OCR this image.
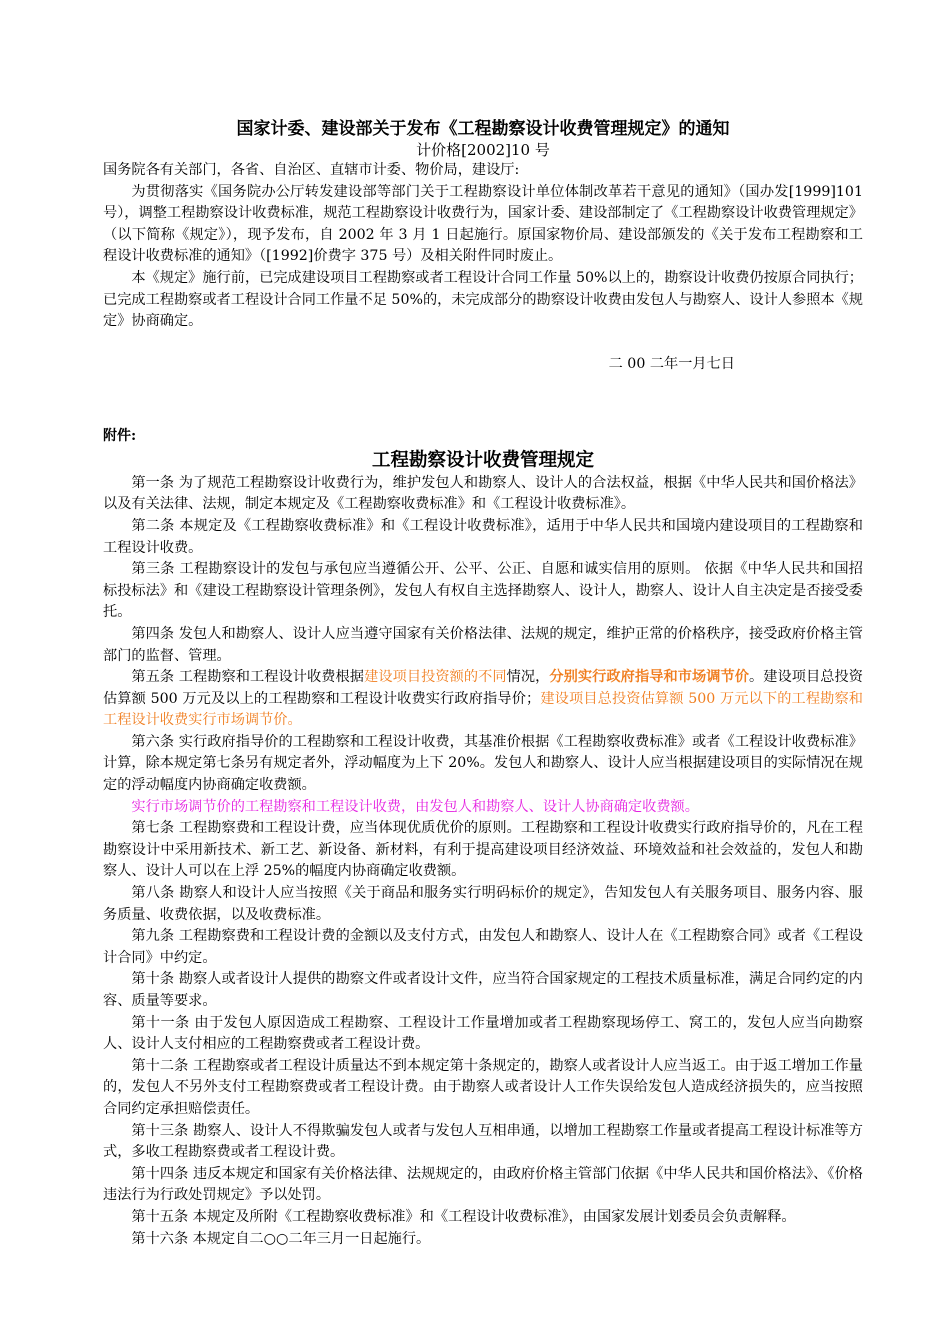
国家计委、建设部关于发布《工程勘察设计收费管理规定》的通知
计价格[2002]10 号

国务院各有关部门，各省、自治区、直辖市计委、物价局，建设厅:

为贯彻落实《国务院办公厅转发建设部等部门关于工程勘察设计单位体制改革若干意见的通知》（国办发[1999]101 号），调整工程勘察设计收费标准，规范工程勘察设计收费行为，国家计委、建设部制定了《工程勘察设计收费管理规定》（以下简称《规定》），现予发布，自 2002 年 3 月 1 日起施行。原国家物价局、建设部颁发的《关于发布工程勘察和工程设计收费标准的通知》（[1992]价费字 375 号）及相关附件同时废止。

本《规定》施行前，已完成建设项目工程勘察或者工程设计合同工作量 50%以上的，勘察设计收费仍按原合同执行；已完成工程勘察或者工程设计合同工作量不足 50%的，未完成部分的勘察设计收费由发包人与勘察人、设计人参照本《规定》协商确定。

二 00 二年一月七日
附件:
工程勘察设计收费管理规定

第一条 为了规范工程勘察设计收费行为，维护发包人和勘察人、设计人的合法权益，根据《中华人民共和国价格法》以及有关法律、法规，制定本规定及《工程勘察收费标准》和《工程设计收费标准》。

第二条 本规定及《工程勘察收费标准》和《工程设计收费标准》，适用于中华人民共和国境内建设项目的工程勘察和工程设计收费。

第三条 工程勘察设计的发包与承包应当遵循公开、公平、公正、自愿和诚实信用的原则。 依据《中华人民共和国招标投标法》和《建设工程勘察设计管理条例》，发包人有权自主选择勘察人、设计人，勘察人、设计人自主决定是否接受委托。

第四条 发包人和勘察人、设计人应当遵守国家有关价格法律、法规的规定，维护正常的价格秩序，接受政府价格主管部门的监督、管理。

第五条 工程勘察和工程设计收费根据建设项目投资额的不同情况，分别实行政府指导和市场调节价。建设项目总投资估算额 500 万元及以上的工程勘察和工程设计收费实行政府指导价；建设项目总投资估算额 500 万元以下的工程勘察和工程设计收费实行市场调节价。

第六条 实行政府指导价的工程勘察和工程设计收费，其基准价根据《工程勘察收费标准》或者《工程设计收费标准》计算，除本规定第七条另有规定者外，浮动幅度为上下 20%。发包人和勘察人、设计人应当根据建设项目的实际情况在规定的浮动幅度内协商确定收费额。

实行市场调节价的工程勘察和工程设计收费，由发包人和勘察人、设计人协商确定收费额。

第七条 工程勘察费和工程设计费，应当体现优质优价的原则。工程勘察和工程设计收费实行政府指导价的，凡在工程勘察设计中采用新技术、新工艺、新设备、新材料，有利于提高建设项目经济效益、环境效益和社会效益的，发包人和勘察人、设计人可以在上浮 25%的幅度内协商确定收费额。

第八条 勘察人和设计人应当按照《关于商品和服务实行明码标价的规定》，告知发包人有关服务项目、服务内容、服务质量、收费依据，以及收费标准。

第九条 工程勘察费和工程设计费的金额以及支付方式，由发包人和勘察人、设计人在《工程勘察合同》或者《工程设计合同》中约定。

第十条 勘察人或者设计人提供的勘察文件或者设计文件，应当符合国家规定的工程技术质量标准，满足合同约定的内容、质量等要求。

第十一条 由于发包人原因造成工程勘察、工程设计工作量增加或者工程勘察现场停工、窝工的，发包人应当向勘察人、设计人支付相应的工程勘察费或者工程设计费。

第十二条 工程勘察或者工程设计质量达不到本规定第十条规定的，勘察人或者设计人应当返工。由于返工增加工作量的，发包人不另外支付工程勘察费或者工程设计费。由于勘察人或者设计人工作失误给发包人造成经济损失的，应当按照合同约定承担赔偿责任。

第十三条 勘察人、设计人不得欺骗发包人或者与发包人互相串通，以增加工程勘察工作量或者提高工程设计标准等方式，多收工程勘察费或者工程设计费。

第十四条 违反本规定和国家有关价格法律、法规规定的，由政府价格主管部门依据《中华人民共和国价格法》、《价格违法行为行政处罚规定》予以处罚。

第十五条 本规定及所附《工程勘察收费标准》和《工程设计收费标准》，由国家发展计划委员会负责解释。

第十六条 本规定自二○○二年三月一日起施行。
